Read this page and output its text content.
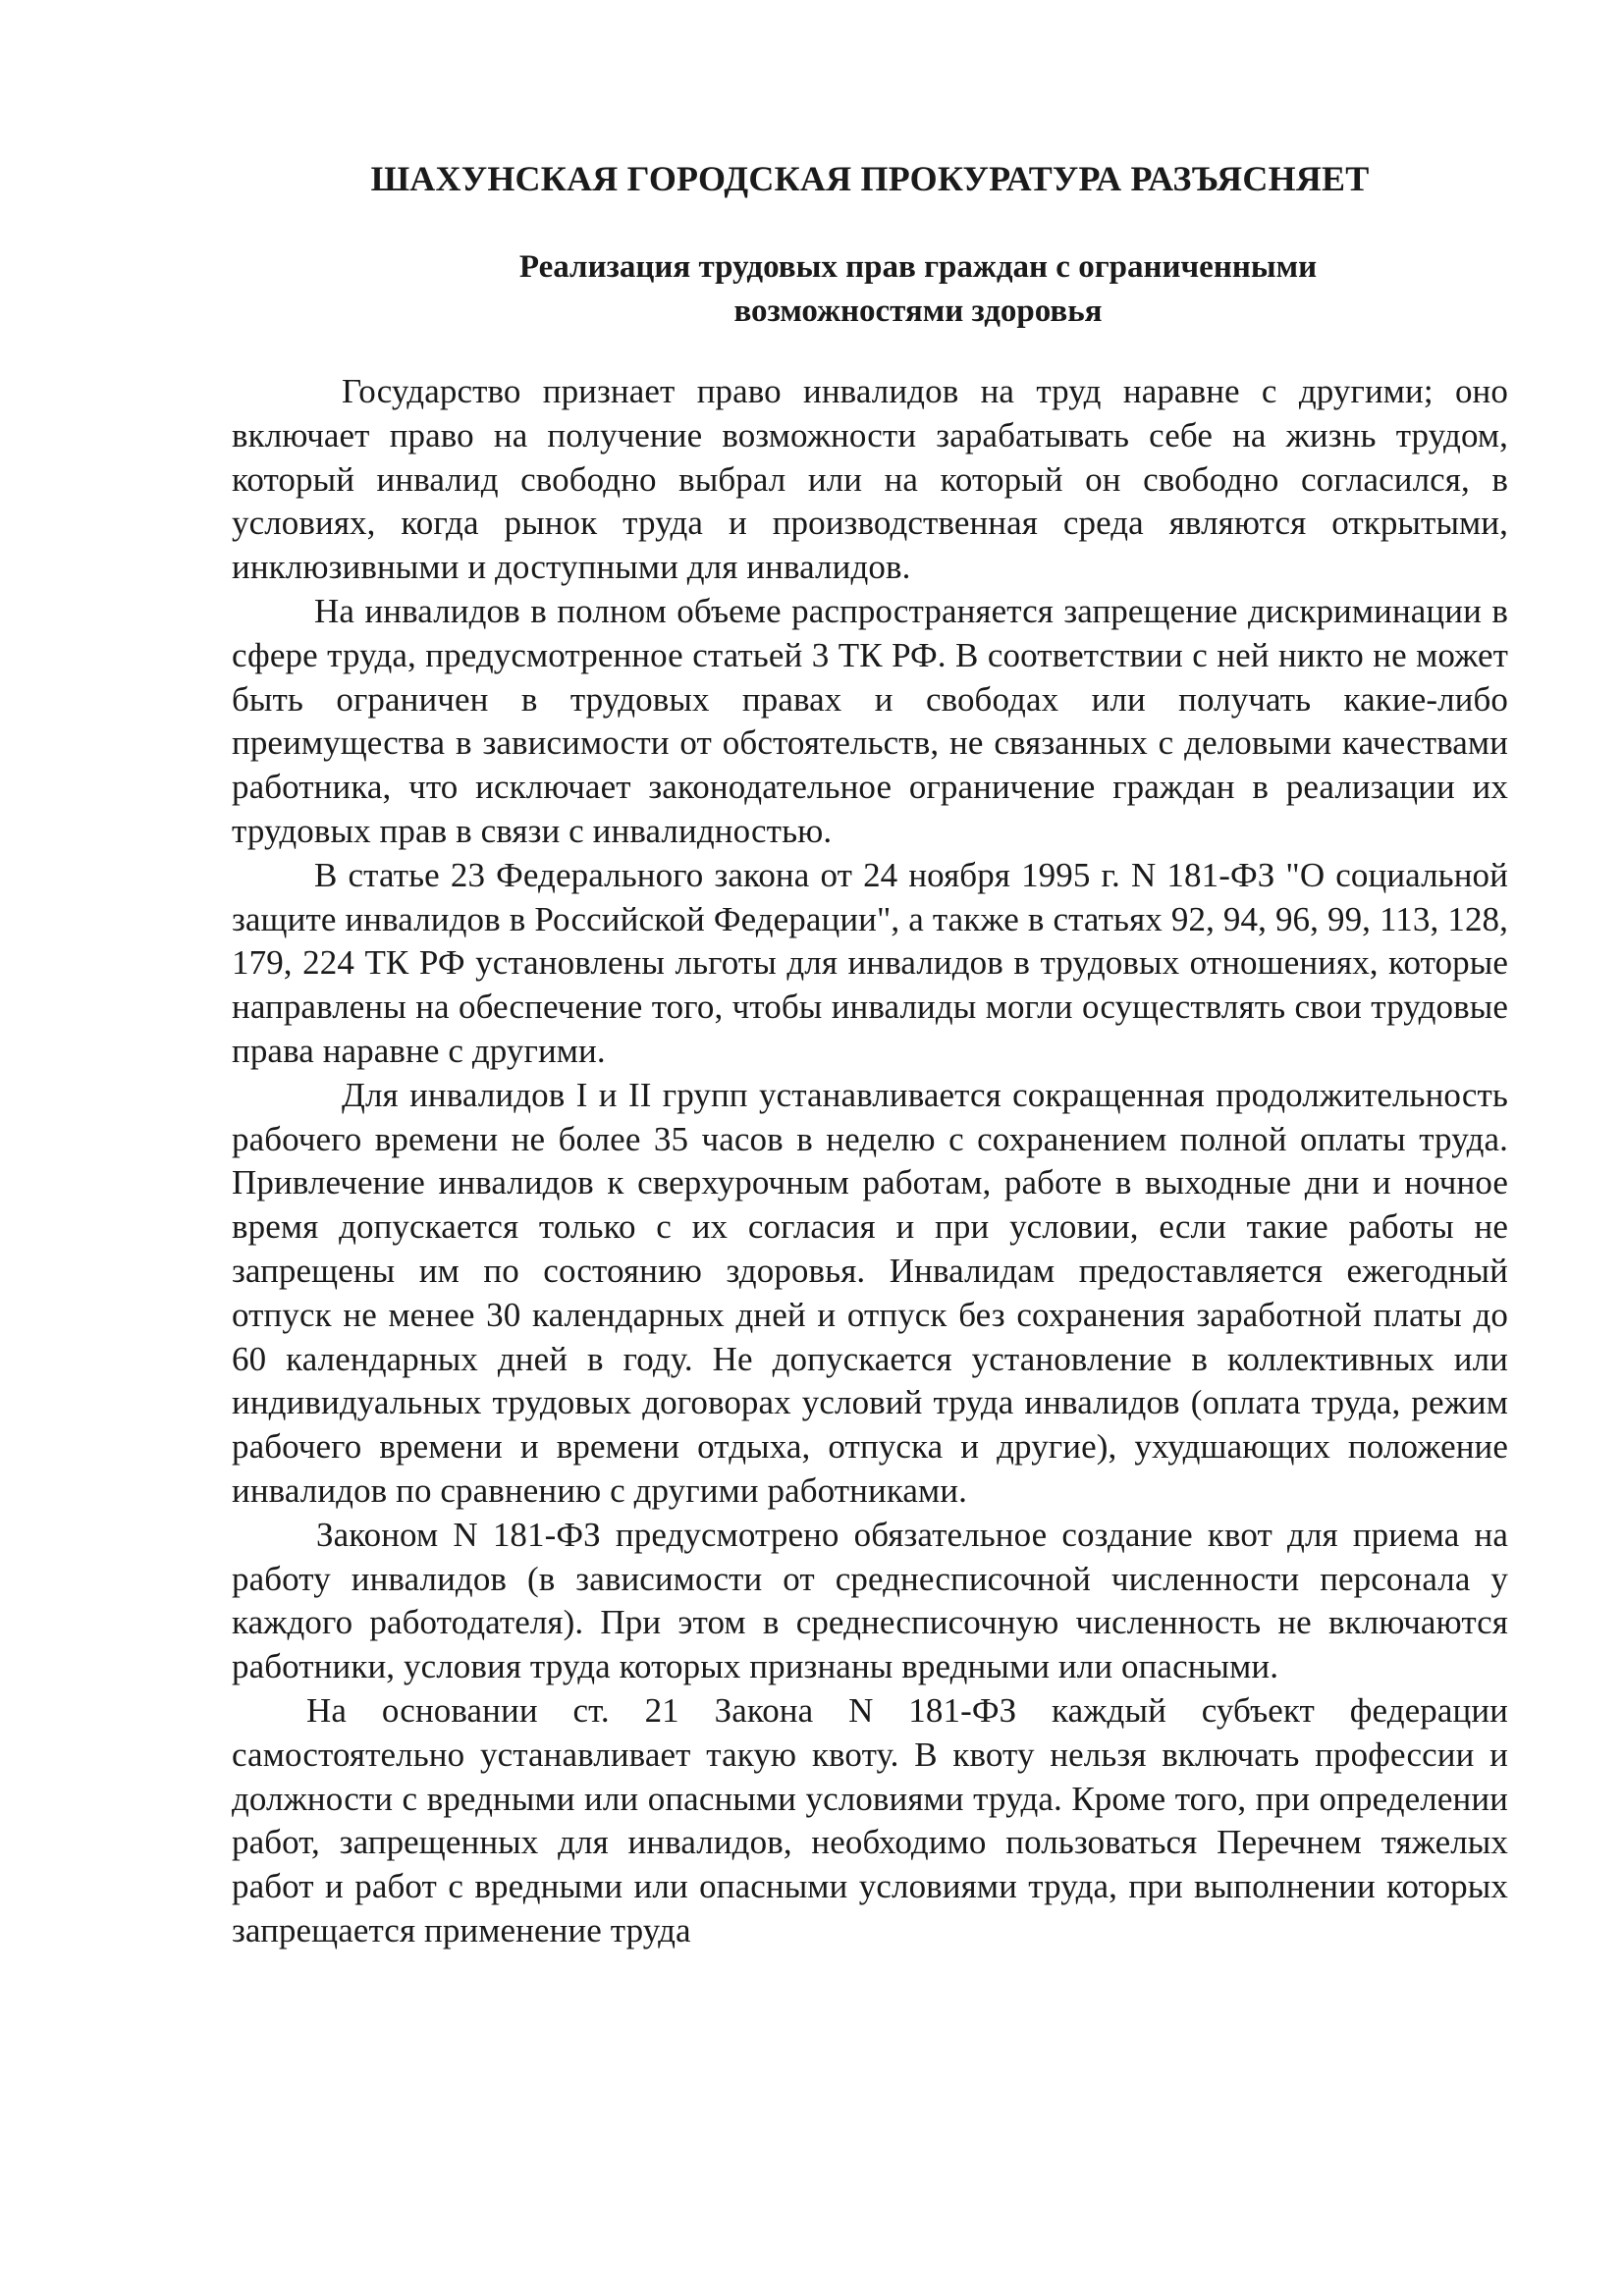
ШАХУНСКАЯ ГОРОДСКАЯ ПРОКУРАТУРА РАЗЪЯСНЯЕТ
Реализация трудовых прав граждан с ограниченными возможностями здоровья

Государство признает право инвалидов на труд наравне с другими; оно включает право на получение возможности зарабатывать себе на жизнь трудом, который инвалид свободно выбрал или на который он свободно согласился, в условиях, когда рынок труда и производственная среда являются открытыми, инклюзивными и доступными для инвалидов.

На инвалидов в полном объеме распространяется запрещение дискриминации в сфере труда, предусмотренное статьей 3 ТК РФ. В соответствии с ней никто не может быть ограничен в трудовых правах и свободах или получать какие-либо преимущества в зависимости от обстоятельств, не связанных с деловыми качествами работника, что исключает законодательное ограничение граждан в реализации их трудовых прав в связи с инвалидностью.

В статье 23 Федерального закона от 24 ноября 1995 г. N 181-ФЗ "О социальной защите инвалидов в Российской Федерации", а также в статьях 92, 94, 96, 99, 113, 128, 179, 224 ТК РФ установлены льготы для инвалидов в трудовых отношениях, которые направлены на обеспечение того, чтобы инвалиды могли осуществлять свои трудовые права наравне с другими.

Для инвалидов I и II групп устанавливается сокращенная продолжительность рабочего времени не более 35 часов в неделю с сохранением полной оплаты труда. Привлечение инвалидов к сверхурочным работам, работе в выходные дни и ночное время допускается только с их согласия и при условии, если такие работы не запрещены им по состоянию здоровья. Инвалидам предоставляется ежегодный отпуск не менее 30 календарных дней и отпуск без сохранения заработной платы до 60 календарных дней в году. Не допускается установление в коллективных или индивидуальных трудовых договорах условий труда инвалидов (оплата труда, режим рабочего времени и времени отдыха, отпуска и другие), ухудшающих положение инвалидов по сравнению с другими работниками.

Законом N 181-ФЗ предусмотрено обязательное создание квот для приема на работу инвалидов (в зависимости от среднесписочной численности персонала у каждого работодателя). При этом в среднесписочную численность не включаются работники, условия труда которых признаны вредными или опасными.

На основании ст. 21 Закона N 181-ФЗ каждый субъект федерации самостоятельно устанавливает такую квоту. В квоту нельзя включать профессии и должности с вредными или опасными условиями труда. Кроме того, при определении работ, запрещенных для инвалидов, необходимо пользоваться Перечнем тяжелых работ и работ с вредными или опасными условиями труда, при выполнении которых запрещается применение труда
